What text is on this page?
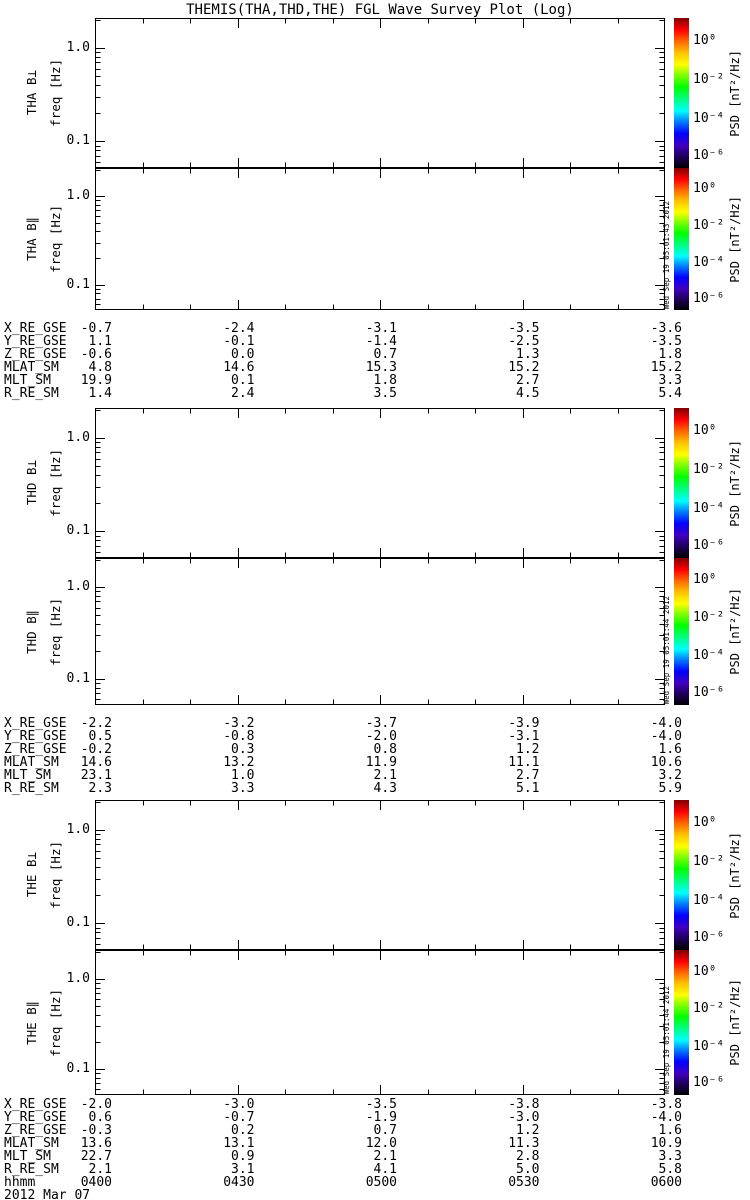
THEMIS(THA,THD,THE) FGL Wave Survey Plot (Log)
THA B⊥ freq [Hz]
1.0
0.1
10⁰
10⁻²
10⁻⁴
10⁻⁶
PSD [nT²/Hz]
THA B∥ freq [Hz]
1.0
0.1
10⁰
10⁻²
10⁻⁴
10⁻⁶
PSD [nT²/Hz]
Wed Sep 19 05:01:43 2012
X_RE_GSE	-0.7	-2.4	-3.1	-3.5	-3.6
Y_RE_GSE	1.1	-0.1	-1.4	-2.5	-3.5
Z_RE_GSE	-0.6	0.0	0.7	1.3	1.8
MLAT_SM	4.8	14.6	15.3	15.2	15.2
MLT_SM	19.9	0.1	1.8	2.7	3.3
R_RE_SM	1.4	2.4	3.5	4.5	5.4
THD B⊥ freq [Hz]
1.0
0.1
10⁰
10⁻²
10⁻⁴
10⁻⁶
PSD [nT²/Hz]
THD B∥ freq [Hz]
1.0
0.1
10⁰
10⁻²
10⁻⁴
10⁻⁶
PSD [nT²/Hz]
Wed Sep 19 05:01:44 2012
X_RE_GSE	-2.2	-3.2	-3.7	-3.9	-4.0
Y_RE_GSE	0.5	-0.8	-2.0	-3.1	-4.0
Z_RE_GSE	-0.2	0.3	0.8	1.2	1.6
MLAT_SM	14.6	13.2	11.9	11.1	10.6
MLT_SM	23.1	1.0	2.1	2.7	3.2
R_RE_SM	2.3	3.3	4.3	5.1	5.9
THE B⊥ freq [Hz]
1.0
0.1
10⁰
10⁻²
10⁻⁴
10⁻⁶
PSD [nT²/Hz]
THE B∥ freq [Hz]
1.0
0.1
10⁰
10⁻²
10⁻⁴
10⁻⁶
PSD [nT²/Hz]
Wed Sep 19 05:01:44 2012
X_RE_GSE	-2.0	-3.0	-3.5	-3.8	-3.8
Y_RE_GSE	0.6	-0.7	-1.9	-3.0	-4.0
Z_RE_GSE	-0.3	0.2	0.7	1.2	1.6
MLAT_SM	13.6	13.1	12.0	11.3	10.9
MLT_SM	22.7	0.9	2.1	2.8	3.3
R_RE_SM	2.1	3.1	4.1	5.0	5.8
hhmm	0400	0430	0500	0530	0600
2012 Mar 07
